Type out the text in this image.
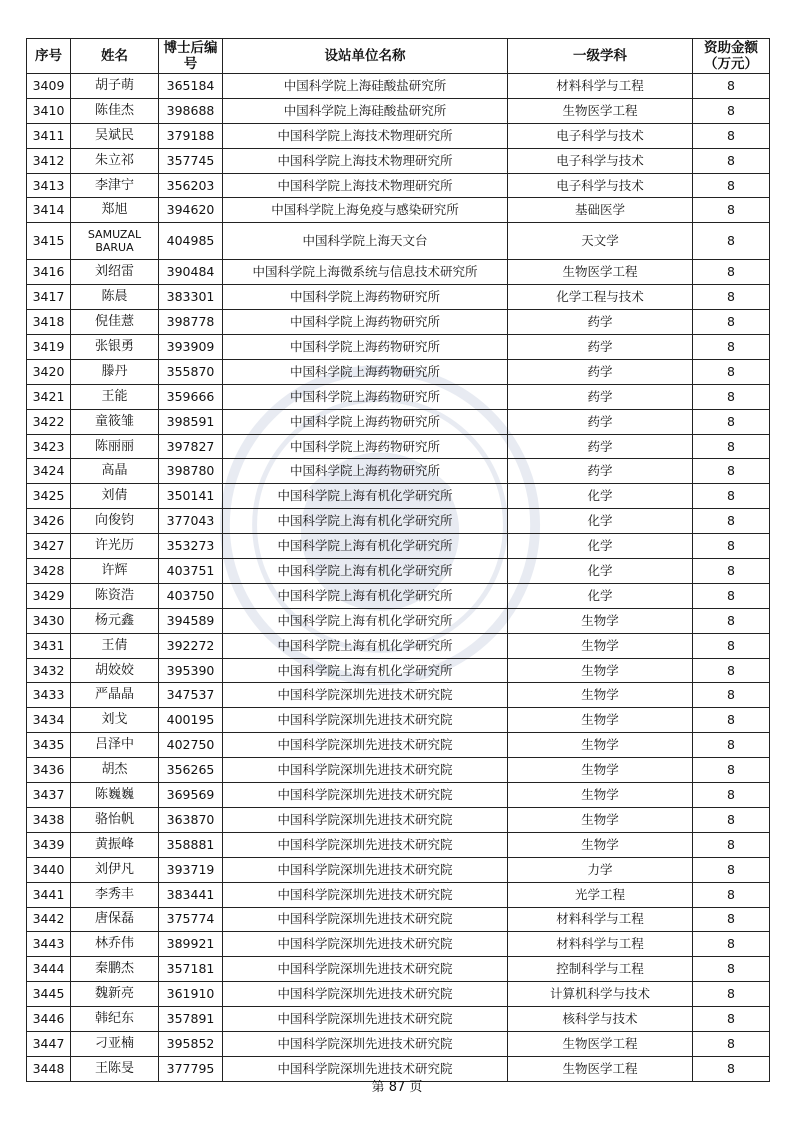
序号	姓名	博士后编号	设站单位名称	一级学科	资助金额（万元）
3409	胡子萌	365184	中国科学院上海硅酸盐研究所	材料科学与工程	8
3410	陈佳杰	398688	中国科学院上海硅酸盐研究所	生物医学工程	8
3411	吴斌民	379188	中国科学院上海技术物理研究所	电子科学与技术	8
3412	朱立祁	357745	中国科学院上海技术物理研究所	电子科学与技术	8
3413	李津宁	356203	中国科学院上海技术物理研究所	电子科学与技术	8
3414	郑旭	394620	中国科学院上海免疫与感染研究所	基础医学	8
3415	SAMUZAL BARUA	404985	中国科学院上海天文台	天文学	8
3416	刘绍雷	390484	中国科学院上海微系统与信息技术研究所	生物医学工程	8
3417	陈晨	383301	中国科学院上海药物研究所	化学工程与技术	8
3418	倪佳薏	398778	中国科学院上海药物研究所	药学	8
3419	张银勇	393909	中国科学院上海药物研究所	药学	8
3420	滕丹	355870	中国科学院上海药物研究所	药学	8
3421	王能	359666	中国科学院上海药物研究所	药学	8
3422	童筱雏	398591	中国科学院上海药物研究所	药学	8
3423	陈丽丽	397827	中国科学院上海药物研究所	药学	8
3424	高晶	398780	中国科学院上海药物研究所	药学	8
3425	刘倩	350141	中国科学院上海有机化学研究所	化学	8
3426	向俊钧	377043	中国科学院上海有机化学研究所	化学	8
3427	许光历	353273	中国科学院上海有机化学研究所	化学	8
3428	许辉	403751	中国科学院上海有机化学研究所	化学	8
3429	陈资浩	403750	中国科学院上海有机化学研究所	化学	8
3430	杨元鑫	394589	中国科学院上海有机化学研究所	生物学	8
3431	王倩	392272	中国科学院上海有机化学研究所	生物学	8
3432	胡姣姣	395390	中国科学院上海有机化学研究所	生物学	8
3433	严晶晶	347537	中国科学院深圳先进技术研究院	生物学	8
3434	刘戈	400195	中国科学院深圳先进技术研究院	生物学	8
3435	吕泽中	402750	中国科学院深圳先进技术研究院	生物学	8
3436	胡杰	356265	中国科学院深圳先进技术研究院	生物学	8
3437	陈巍巍	369569	中国科学院深圳先进技术研究院	生物学	8
3438	骆怡帆	363870	中国科学院深圳先进技术研究院	生物学	8
3439	黄振峰	358881	中国科学院深圳先进技术研究院	生物学	8
3440	刘伊凡	393719	中国科学院深圳先进技术研究院	力学	8
3441	李秀丰	383441	中国科学院深圳先进技术研究院	光学工程	8
3442	唐保磊	375774	中国科学院深圳先进技术研究院	材料科学与工程	8
3443	林乔伟	389921	中国科学院深圳先进技术研究院	材料科学与工程	8
3444	秦鹏杰	357181	中国科学院深圳先进技术研究院	控制科学与工程	8
3445	魏新亮	361910	中国科学院深圳先进技术研究院	计算机科学与技术	8
3446	韩纪东	357891	中国科学院深圳先进技术研究院	核科学与技术	8
3447	刁亚楠	395852	中国科学院深圳先进技术研究院	生物医学工程	8
3448	王陈旻	377795	中国科学院深圳先进技术研究院	生物医学工程	8
第 87 页
